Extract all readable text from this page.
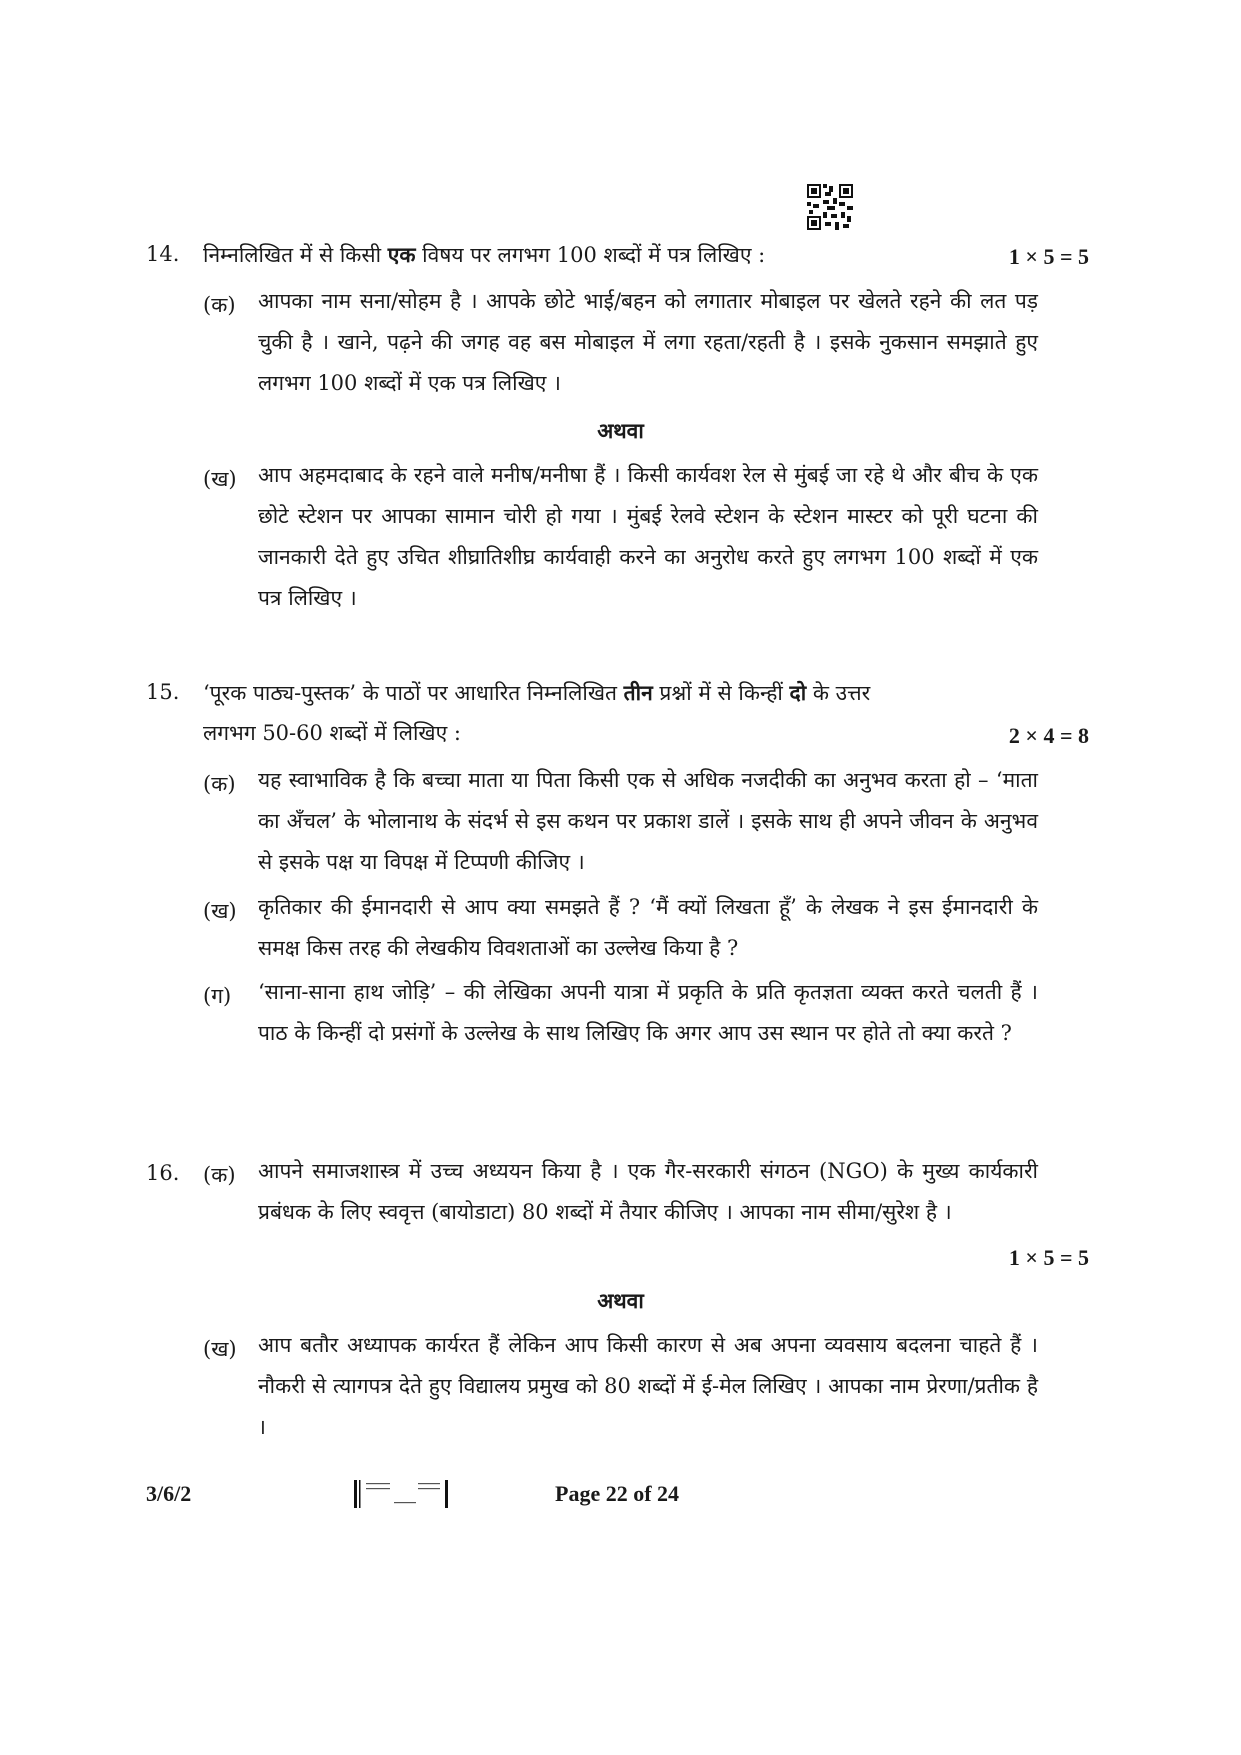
14. निम्नलिखित में से किसी एक विषय पर लगभग 100 शब्दों में पत्र लिखिए :	1 × 5 = 5
(क) आपका नाम सना/सोहम है । आपके छोटे भाई/बहन को लगातार मोबाइल पर खेलते रहने की लत पड़ चुकी है । खाने, पढ़ने की जगह वह बस मोबाइल में लगा रहता/रहती है । इसके नुकसान समझाते हुए लगभग 100 शब्दों में एक पत्र लिखिए ।
अथवा
(ख) आप अहमदाबाद के रहने वाले मनीष/मनीषा हैं । किसी कार्यवश रेल से मुंबई जा रहे थे और बीच के एक छोटे स्टेशन पर आपका सामान चोरी हो गया । मुंबई रेलवे स्टेशन के स्टेशन मास्टर को पूरी घटना की जानकारी देते हुए उचित शीघ्रातिशीघ्र कार्यवाही करने का अनुरोध करते हुए लगभग 100 शब्दों में एक पत्र लिखिए ।
15. ‘पूरक पाठ्य-पुस्तक’ के पाठों पर आधारित निम्नलिखित तीन प्रश्नों में से किन्हीं दो के उत्तर
लगभग 50-60 शब्दों में लिखिए :	2 × 4 = 8
(क) यह स्वाभाविक है कि बच्चा माता या पिता किसी एक से अधिक नजदीकी का अनुभव करता हो – ‘माता का अँचल’ के भोलानाथ के संदर्भ से इस कथन पर प्रकाश डालें । इसके साथ ही अपने जीवन के अनुभव से इसके पक्ष या विपक्ष में टिप्पणी कीजिए ।
(ख) कृतिकार की ईमानदारी से आप क्या समझते हैं ? ‘मैं क्यों लिखता हूँ’ के लेखक ने इस ईमानदारी के समक्ष किस तरह की लेखकीय विवशताओं का उल्लेख किया है ?
(ग) ‘साना-साना हाथ जोड़ि’ – की लेखिका अपनी यात्रा में प्रकृति के प्रति कृतज्ञता व्यक्त करते चलती हैं । पाठ के किन्हीं दो प्रसंगों के उल्लेख के साथ लिखिए कि अगर आप उस स्थान पर होते तो क्या करते ?
16. (क) आपने समाजशास्त्र में उच्च अध्ययन किया है । एक गैर-सरकारी संगठन (NGO) के मुख्य कार्यकारी प्रबंधक के लिए स्ववृत्त (बायोडाटा) 80 शब्दों में तैयार कीजिए । आपका नाम सीमा/सुरेश है ।
1 × 5 = 5
अथवा
(ख) आप बतौर अध्यापक कार्यरत हैं लेकिन आप किसी कारण से अब अपना व्यवसाय बदलना चाहते हैं । नौकरी से त्यागपत्र देते हुए विद्यालय प्रमुख को 80 शब्दों में ई-मेल लिखिए । आपका नाम प्रेरणा/प्रतीक है ।
3/6/2	Page 22 of 24
